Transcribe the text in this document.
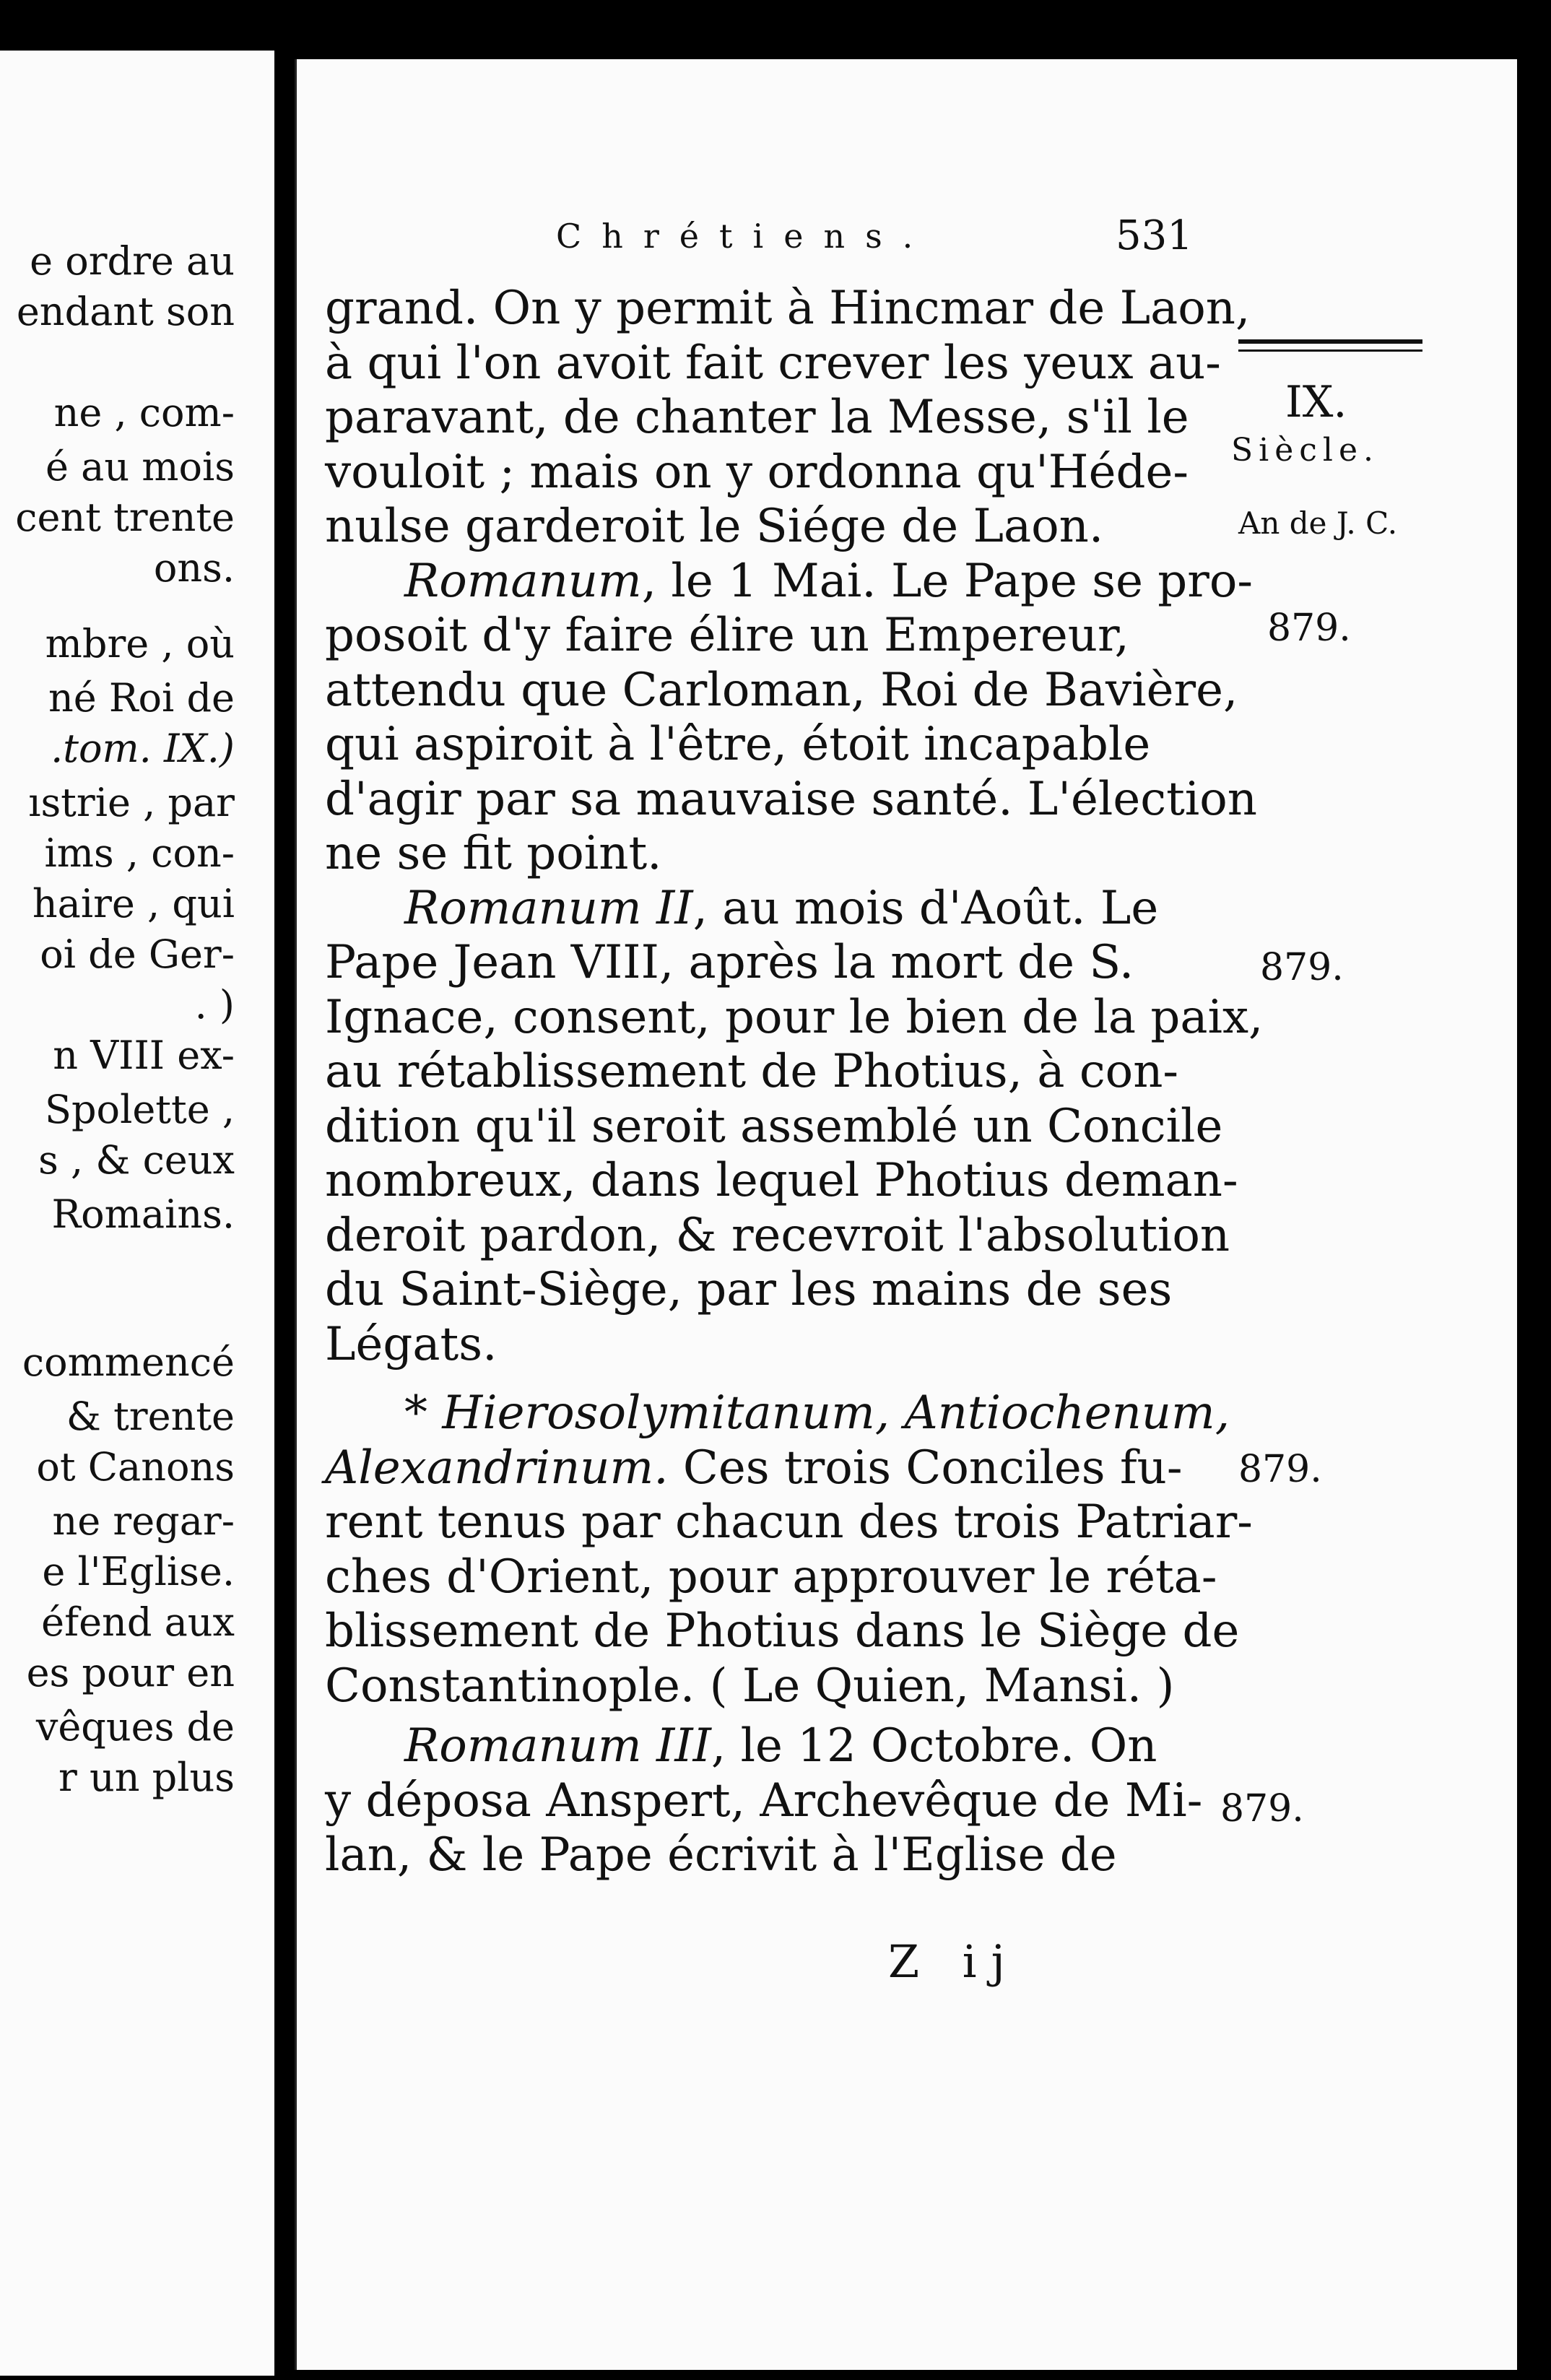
e ordre au
endant son
ne , com-
é au mois
cent trente
ons.
mbre , où
né Roi de
.tom. IX.)
ıstrie , par
ims , con-
haire , qui
oi de Ger-
. )
n VIII ex-
Spolette ,
s , & ceux
Romains.
commencé
& trente
ot Canons
ne regar-
e l'Eglise.
éfend aux
es pour en
vêques de
r un plus
Chrétiens.	531
IX.
Siècle.
An de J. C.
879.
879.
879.
879.
grand. On y permit à Hincmar de Laon,
à qui l'on avoit fait crever les yeux au-
paravant, de chanter la Messe, s'il le
vouloit ; mais on y ordonna qu'Héde-
nulse garderoit le Siége de Laon.
Romanum, le 1 Mai. Le Pape se pro-
posoit d'y faire élire un Empereur,
attendu que Carloman, Roi de Bavière,
qui aspiroit à l'être, étoit incapable
d'agir par sa mauvaise santé. L'élection
ne se fit point.
Romanum II, au mois d'Août. Le
Pape Jean VIII, après la mort de S.
Ignace, consent, pour le bien de la paix,
au rétablissement de Photius, à con-
dition qu'il seroit assemblé un Concile
nombreux, dans lequel Photius deman-
deroit pardon, & recevroit l'absolution
du Saint-Siège, par les mains de ses
Légats.
* Hierosolymitanum, Antiochenum,
Alexandrinum. Ces trois Conciles fu-
rent tenus par chacun des trois Patriar-
ches d'Orient, pour approuver le réta-
blissement de Photius dans le Siège de
Constantinople. ( Le Quien, Mansi. )
Romanum III, le 12 Octobre. On
y déposa Anspert, Archevêque de Mi-
lan, & le Pape écrivit à l'Eglise de
Z ij
